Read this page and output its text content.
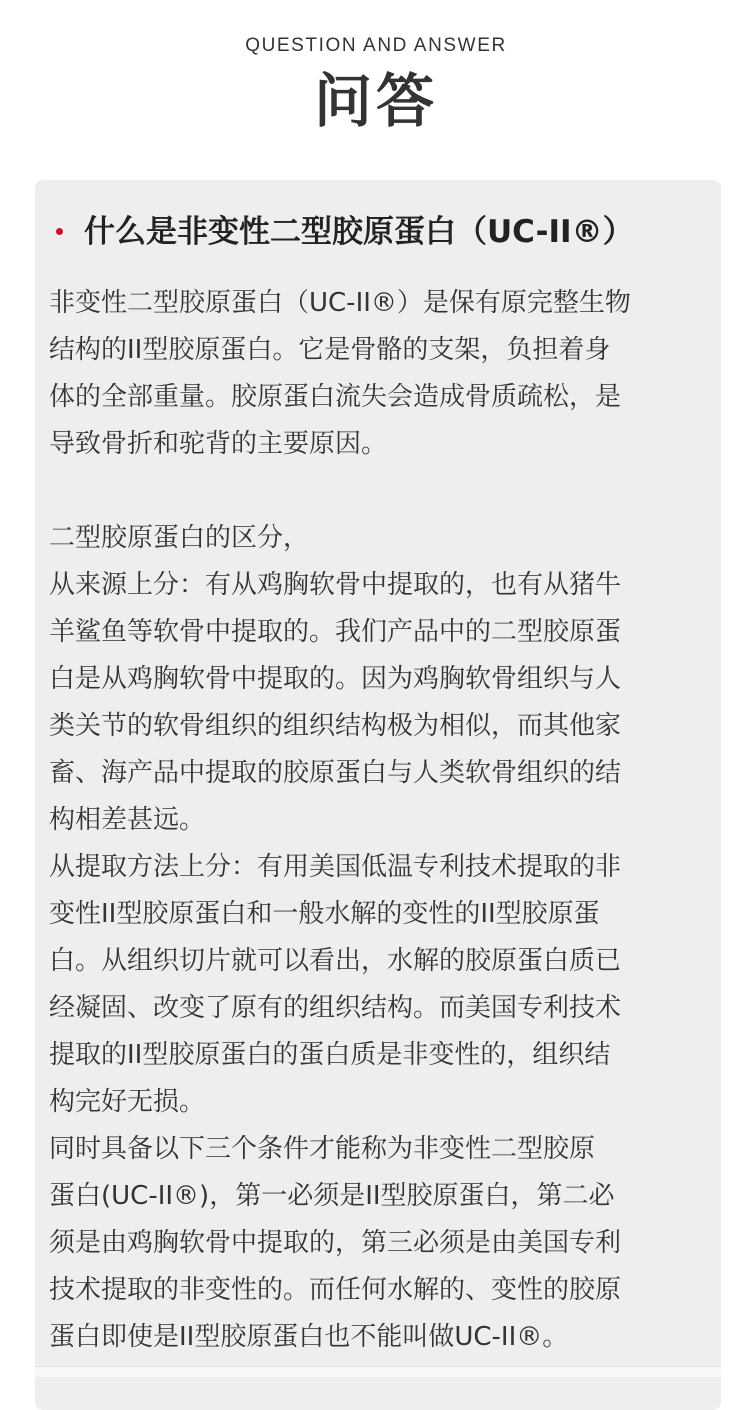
QUESTION AND ANSWER
问答
什么是非变性二型胶原蛋白（UC-II®）

非变性二型胶原蛋白（UC-II®）是保有原完整生物

结构的II型胶原蛋白。它是骨骼的支架，负担着身

体的全部重量。胶原蛋白流失会造成骨质疏松，是

导致骨折和驼背的主要原因。

二型胶原蛋白的区分，

从来源上分：有从鸡胸软骨中提取的，也有从猪牛

羊鲨鱼等软骨中提取的。我们产品中的二型胶原蛋

白是从鸡胸软骨中提取的。因为鸡胸软骨组织与人

类关节的软骨组织的组织结构极为相似，而其他家

畜、海产品中提取的胶原蛋白与人类软骨组织的结

构相差甚远。

从提取方法上分：有用美国低温专利技术提取的非

变性II型胶原蛋白和一般水解的变性的II型胶原蛋

白。从组织切片就可以看出，水解的胶原蛋白质已

经凝固、改变了原有的组织结构。而美国专利技术

提取的II型胶原蛋白的蛋白质是非变性的，组织结

构完好无损。

同时具备以下三个条件才能称为非变性二型胶原

蛋白(UC-II®)，第一必须是II型胶原蛋白，第二必

须是由鸡胸软骨中提取的，第三必须是由美国专利

技术提取的非变性的。而任何水解的、变性的胶原

蛋白即使是II型胶原蛋白也不能叫做UC-II®。
